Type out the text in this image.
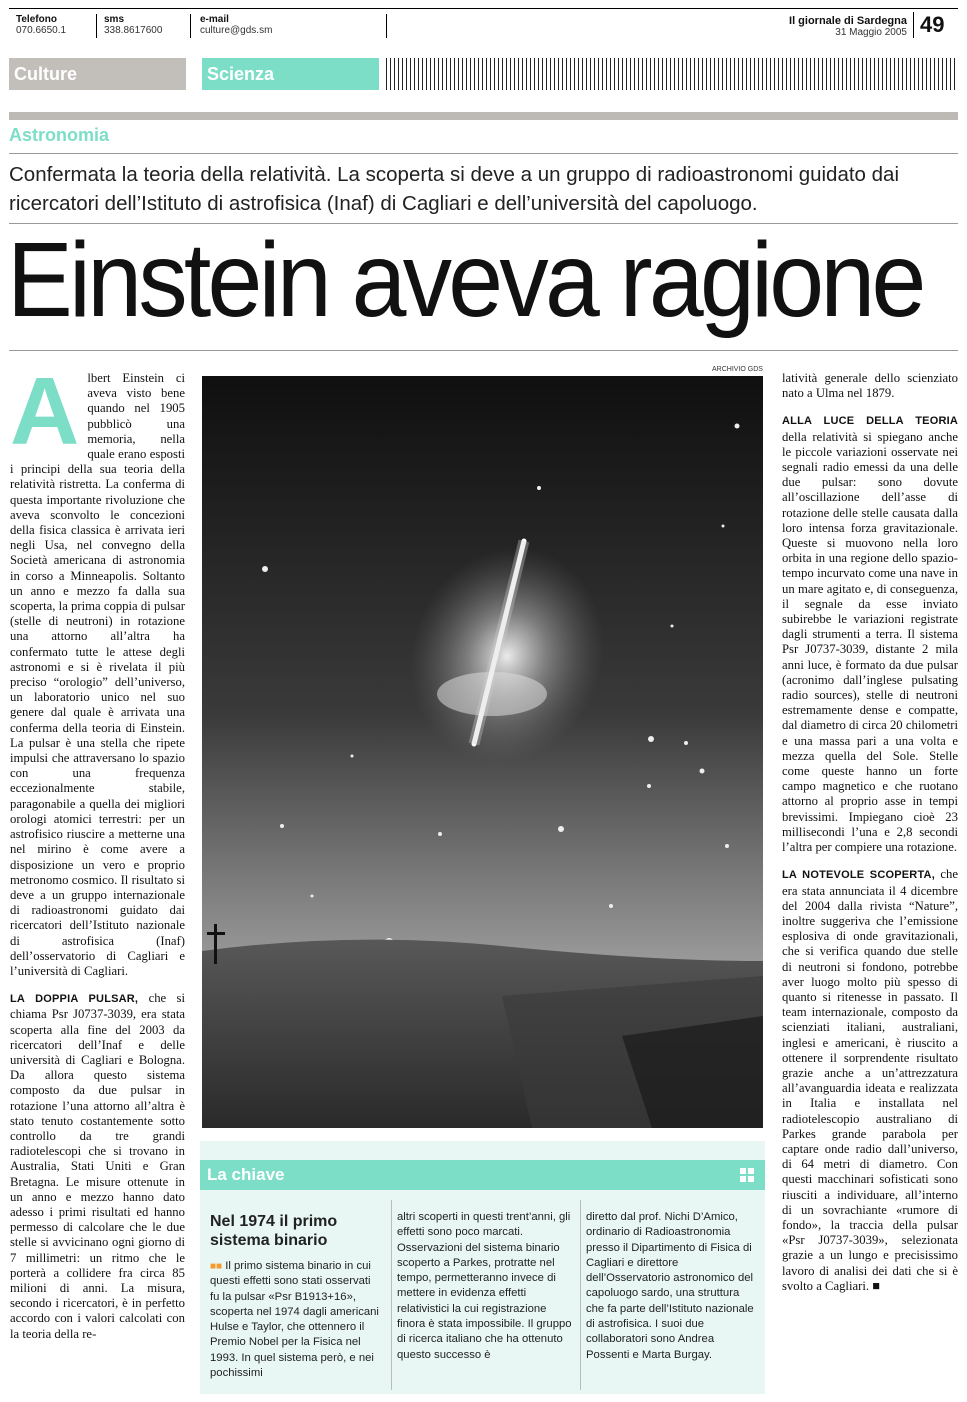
Telefono
070.6650.1
sms
338.8617600
e-mail
culture@gds.sm
Il giornale di Sardegna
31 Maggio 2005 49
Culture	Scienza
Astronomia
Confermata la teoria della relatività. La scoperta si deve a un gruppo di radioastronomi guidato dai ricercatori dell’Istituto di astrofisica (Inaf) di Cagliari e dell’università del capoluogo.
Einstein aveva ragione
A lbert Einstein ci aveva visto bene quando nel 1905 pubblicò una memoria, nella quale erano esposti i principi della sua teoria della relatività ristretta. La conferma di questa importante rivoluzione che aveva sconvolto le concezioni della fisica classica è arrivata ieri negli Usa, nel convegno della Società americana di astronomia in corso a Minneapolis. Soltanto un anno e mezzo fa dalla sua scoperta, la prima coppia di pulsar (stelle di neutroni) in rotazione una attorno all’altra ha confermato tutte le attese degli astronomi e si è rivelata il più preciso “orologio” dell’universo, un laboratorio unico nel suo genere dal quale è arrivata una conferma della teoria di Einstein. La pulsar è una stella che ripete impulsi che attraversano lo spazio con una frequenza eccezionalmente stabile, paragonabile a quella dei migliori orologi atomici terrestri: per un astrofisico riuscire a metterne una nel mirino è come avere a disposizione un vero e proprio metronomo cosmico. Il risultato si deve a un gruppo internazionale di radioastronomi guidato dai ricercatori dell’Istituto nazionale di astrofisica (Inaf) dell’osservatorio di Cagliari e l’università di Cagliari.

LA DOPPIA PULSAR, che si chiama Psr J0737-3039, era stata scoperta alla fine del 2003 da ricercatori dell’Inaf e delle università di Cagliari e Bologna. Da allora questo sistema composto da due pulsar in rotazione l’una attorno all’altra è stato tenuto costantemente sotto controllo da tre grandi radiotelescopi che si trovano in Australia, Stati Uniti e Gran Bretagna. Le misure ottenute in un anno e mezzo hanno dato adesso i primi risultati ed hanno permesso di calcolare che le due stelle si avvicinano ogni giorno di 7 millimetri: un ritmo che le porterà a collidere fra circa 85 milioni di anni. La misura, secondo i ricercatori, è in perfetto accordo con i valori calcolati con la teoria della re-

ARCHIVIO GDS

latività generale dello scienziato nato a Ulma nel 1879.

ALLA LUCE DELLA TEORIA della relatività si spiegano anche le piccole variazioni osservate nei segnali radio emessi da una delle due pulsar: sono dovute all’oscillazione dell’asse di rotazione delle stelle causata dalla loro intensa forza gravitazionale. Queste si muovono nella loro orbita in una regione dello spazio-tempo incurvato come una nave in un mare agitato e, di conseguenza, il segnale da esse inviato subirebbe le variazioni registrate dagli strumenti a terra. Il sistema Psr J0737-3039, distante 2 mila anni luce, è formato da due pulsar (acronimo dall’inglese pulsating radio sources), stelle di neutroni estremamente dense e compatte, dal diametro di circa 20 chilometri e una massa pari a una volta e mezza quella del Sole. Stelle come queste hanno un forte campo magnetico e che ruotano attorno al proprio asse in tempi brevissimi. Impiegano cioè 23 millisecondi l’una e 2,8 secondi l’altra per compiere una rotazione.

LA NOTEVOLE SCOPERTA, che era stata annunciata il 4 dicembre del 2004 dalla rivista “Nature”, inoltre suggeriva che l’emissione esplosiva di onde gravitazionali, che si verifica quando due stelle di neutroni si fondono, potrebbe aver luogo molto più spesso di quanto si ritenesse in passato. Il team internazionale, composto da scienziati italiani, australiani, inglesi e americani, è riuscito a ottenere il sorprendente risultato grazie anche a un’attrezzatura all’avanguardia ideata e realizzata in Italia e installata nel radiotelescopio australiano di Parkes grande parabola per captare onde radio dall’universo, di 64 metri di diametro. Con questi macchinari sofisticati sono riusciti a individuare, all’interno di un sovrachiante «rumore di fondo», la traccia della pulsar «Psr J0737-3039», selezionata grazie a un lungo e precisissimo lavoro di analisi dei dati che si è svolto a Cagliari. ■

La chiave
Nel 1974 il primo sistema binario
■■ Il primo sistema binario in cui questi effetti sono stati osservati fu la pulsar «Psr B1913+16», scoperta nel 1974 dagli americani Hulse e Taylor, che ottennero il Premio Nobel per la Fisica nel 1993. In quel sistema però, e nei pochissimi
altri scoperti in questi trent’anni, gli effetti sono poco marcati. Osservazioni del sistema binario scoperto a Parkes, protratte nel tempo, permetteranno invece di mettere in evidenza effetti relativistici la cui registrazione finora è stata impossibile. Il gruppo di ricerca italiano che ha ottenuto questo successo è
diretto dal prof. Nichi D’Amico, ordinario di Radioastronomia presso il Dipartimento di Fisica di Cagliari e direttore dell’Osservatorio astronomico del capoluogo sardo, una struttura che fa parte dell’Istituto nazionale di astrofisica. I suoi due collaboratori sono Andrea Possenti e Marta Burgay.
